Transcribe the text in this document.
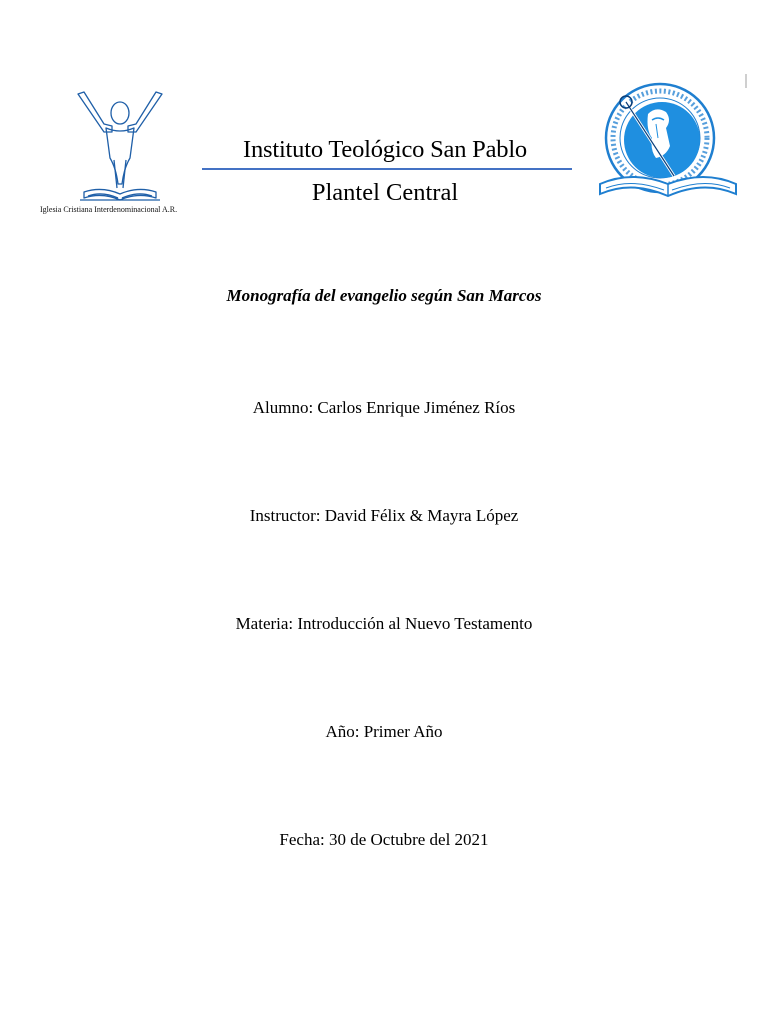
Iglesia Cristiana Interdenominacional A.R.
Instituto Teológico San Pablo
Plantel Central
Monografía del evangelio según San Marcos
Alumno: Carlos Enrique Jiménez Ríos
Instructor: David Félix & Mayra López
Materia: Introducción al Nuevo Testamento
Año: Primer Año
Fecha: 30 de Octubre del 2021
